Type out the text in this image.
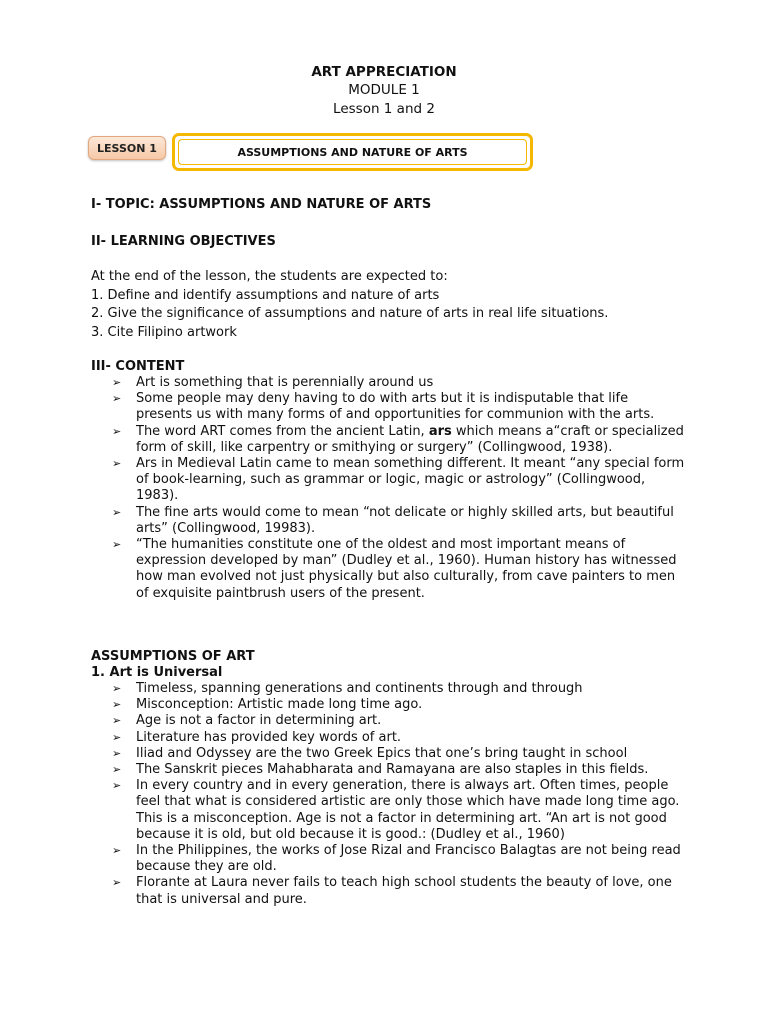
ART APPRECIATION
MODULE 1
Lesson 1 and 2
LESSON 1	ASSUMPTIONS AND NATURE OF ARTS
I- TOPIC: ASSUMPTIONS AND NATURE OF ARTS
II- LEARNING OBJECTIVES
At the end of the lesson, the students are expected to:
1. Define and identify assumptions and nature of arts
2. Give the significance of assumptions and nature of arts in real life situations.
3. Cite Filipino artwork
III- CONTENT
➢	Art is something that is perennially around us
➢	Some people may deny having to do with arts but it is indisputable that life presents us with many forms of and opportunities for communion with the arts.
➢	The word ART comes from the ancient Latin, ars which means a“craft or specialized form of skill, like carpentry or smithying or surgery” (Collingwood, 1938).
➢	Ars in Medieval Latin came to mean something different. It meant “any special form of book-learning, such as grammar or logic, magic or astrology” (Collingwood, 1983).
➢	The fine arts would come to mean “not delicate or highly skilled arts, but beautiful arts” (Collingwood, 19983).
➢	“The humanities constitute one of the oldest and most important means of expression developed by man” (Dudley et al., 1960). Human history has witnessed how man evolved not just physically but also culturally, from cave painters to men of exquisite paintbrush users of the present.
ASSUMPTIONS OF ART
1. Art is Universal
➢	Timeless, spanning generations and continents through and through
➢	Misconception: Artistic made long time ago.
➢	Age is not a factor in determining art.
➢	Literature has provided key words of art.
➢	Iliad and Odyssey are the two Greek Epics that one’s bring taught in school
➢	The Sanskrit pieces Mahabharata and Ramayana are also staples in this fields.
➢	In every country and in every generation, there is always art. Often times, people feel that what is considered artistic are only those which have made long time ago. This is a misconception. Age is not a factor in determining art. “An art is not good because it is old, but old because it is good.: (Dudley et al., 1960)
➢	In the Philippines, the works of Jose Rizal and Francisco Balagtas are not being read because they are old.
➢	Florante at Laura never fails to teach high school students the beauty of love, one that is universal and pure.
